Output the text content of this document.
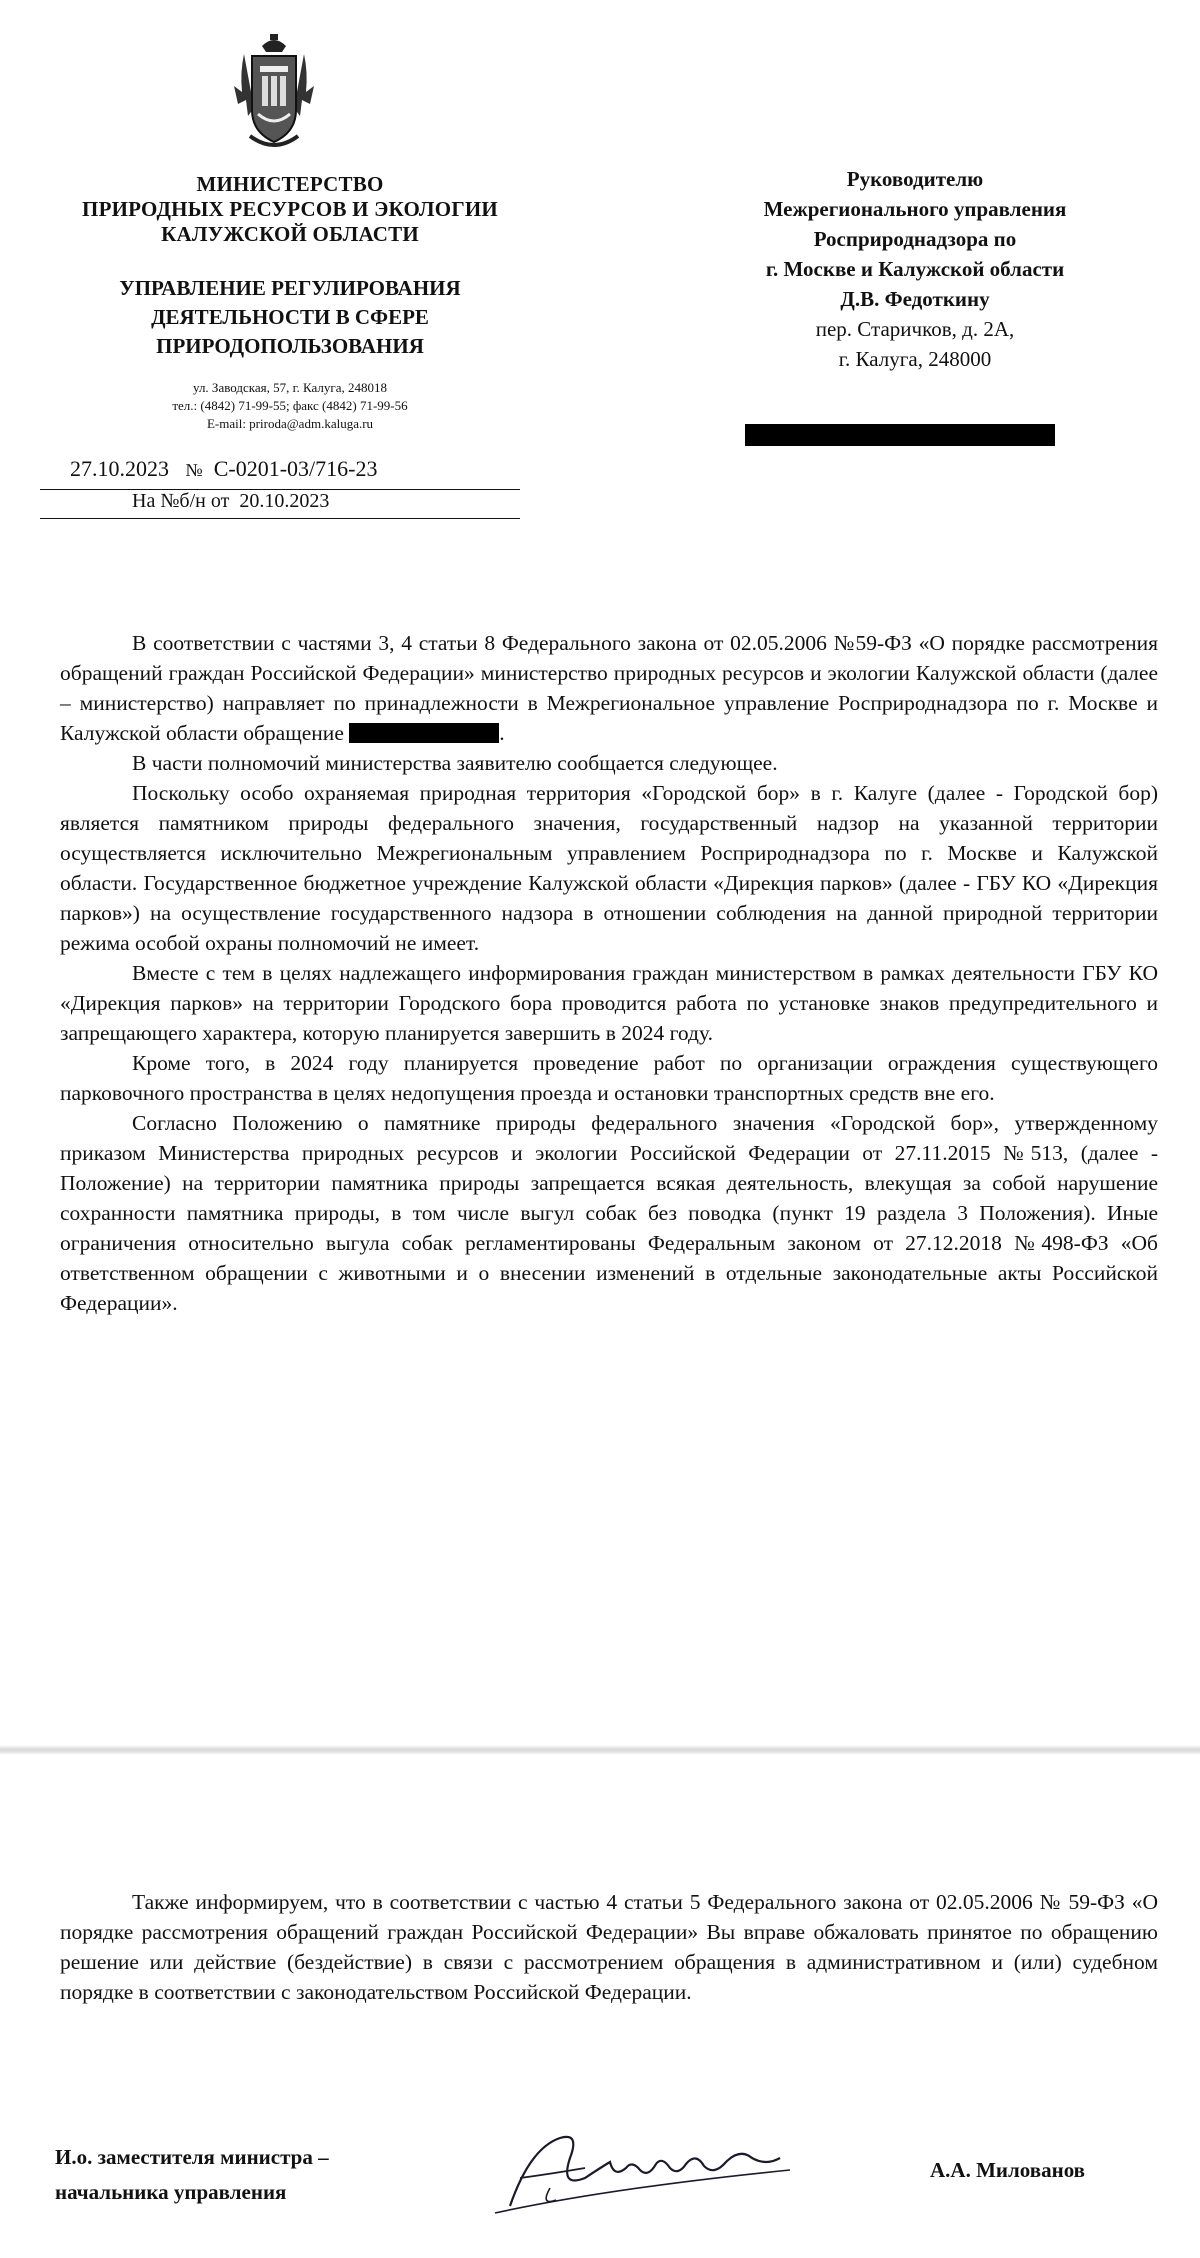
МИНИСТЕРСТВО
ПРИРОДНЫХ РЕСУРСОВ И ЭКОЛОГИИ
КАЛУЖСКОЙ ОБЛАСТИ
УПРАВЛЕНИЕ РЕГУЛИРОВАНИЯ
ДЕЯТЕЛЬНОСТИ В СФЕРЕ
ПРИРОДОПОЛЬЗОВАНИЯ
ул. Заводская, 57, г. Калуга, 248018
тел.: (4842) 71-99-55; факс (4842) 71-99-56
E-mail: priroda@adm.kaluga.ru
27.10.2023 № С-0201-03/716-23
На №б/н от 20.10.2023
Руководителю
Межрегионального управления
Росприроднадзора по
г. Москве и Калужской области
Д.В. Федоткину
пер. Старичков, д. 2А,
г. Калуга, 248000

В соответствии с частями 3, 4 статьи 8 Федерального закона от 02.05.2006 №59-ФЗ «О порядке рассмотрения обращений граждан Российской Федерации» министерство природных ресурсов и экологии Калужской области (далее – министерство) направляет по принадлежности в Межрегиональное управление Росприроднадзора по г. Москве и Калужской области обращение	.

В части полномочий министерства заявителю сообщается следующее.

Поскольку особо охраняемая природная территория «Городской бор» в г. Калуге (далее - Городской бор) является памятником природы федерального значения, государственный надзор на указанной территории осуществляется исключительно Межрегиональным управлением Росприроднадзора по г. Москве и Калужской области. Государственное бюджетное учреждение Калужской области «Дирекция парков» (далее - ГБУ КО «Дирекция парков») на осуществление государственного надзора в отношении соблюдения на данной природной территории режима особой охраны полномочий не имеет.

Вместе с тем в целях надлежащего информирования граждан министерством в рамках деятельности ГБУ КО «Дирекция парков» на территории Городского бора проводится работа по установке знаков предупредительного и запрещающего характера, которую планируется завершить в 2024 году.

Кроме того, в 2024 году планируется проведение работ по организации ограждения существующего парковочного пространства в целях недопущения проезда и остановки транспортных средств вне его.

Согласно Положению о памятнике природы федерального значения «Городской бор», утвержденному приказом Министерства природных ресурсов и экологии Российской Федерации от 27.11.2015 №513, (далее - Положение) на территории памятника природы запрещается всякая деятельность, влекущая за собой нарушение сохранности памятника природы, в том числе выгул собак без поводка (пункт 19 раздела 3 Положения). Иные ограничения относительно выгула собак регламентированы Федеральным законом от 27.12.2018 №498-ФЗ «Об ответственном обращении с животными и о внесении изменений в отдельные законодательные акты Российской Федерации».

Также информируем, что в соответствии с частью 4 статьи 5 Федерального закона от 02.05.2006 № 59-ФЗ «О порядке рассмотрения обращений граждан Российской Федерации» Вы вправе обжаловать принятое по обращению решение или действие (бездействие) в связи с рассмотрением обращения в административном и (или) судебном порядке в соответствии с законодательством Российской Федерации.

И.о. заместителя министра –
начальника управления
А.А. Милованов
